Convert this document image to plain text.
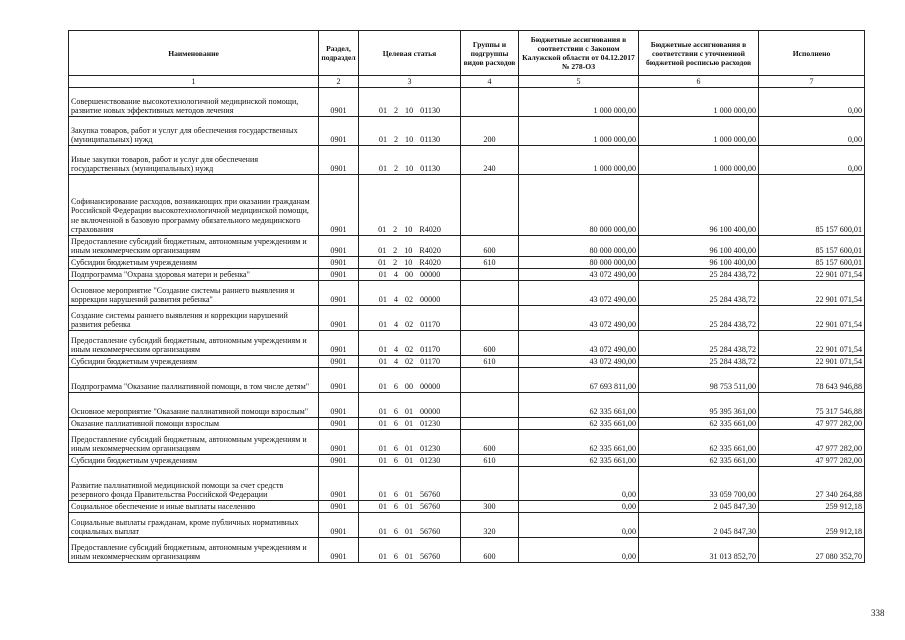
Наименование	Раздел, подраздел	Целевая статья	Группы и подгруппы видов расходов	Бюджетные ассигнования в соответствии с Законом Калужской области от 04.12.2017 № 278-ОЗ	Бюджетные ассигнования в соответствии с уточненной бюджетной росписью расходов	Исполнено
1	2	3	4	5	6	7
Совершенствование высокотехнологичной медицинской помощи, развитие новых эффективных методов лечения	0901	01 2 10 01130		1 000 000,00	1 000 000,00	0,00
Закупка товаров, работ и услуг для обеспечения государственных (муниципальных) нужд	0901	01 2 10 01130	200	1 000 000,00	1 000 000,00	0,00
Иные закупки товаров, работ и услуг для обеспечения государственных (муниципальных) нужд	0901	01 2 10 01130	240	1 000 000,00	1 000 000,00	0,00
Софинансирование расходов, возникающих при оказании гражданам Российской Федерации высокотехнологичной медицинской помощи, не включенной в базовую программу обязательного медицинского страхования	0901	01 2 10 R4020		80 000 000,00	96 100 400,00	85 157 600,01
Предоставление субсидий бюджетным, автономным учреждениям и иным некоммерческим организациям	0901	01 2 10 R4020	600	80 000 000,00	96 100 400,00	85 157 600,01
Субсидии бюджетным учреждениям	0901	01 2 10 R4020	610	80 000 000,00	96 100 400,00	85 157 600,01
Подпрограмма "Охрана здоровья матери и ребенка"	0901	01 4 00 00000		43 072 490,00	25 284 438,72	22 901 071,54
Основное мероприятие "Создание системы раннего выявления и коррекции нарушений развития ребенка"	0901	01 4 02 00000		43 072 490,00	25 284 438,72	22 901 071,54
Создание системы раннего выявления и коррекции нарушений развития ребенка	0901	01 4 02 01170		43 072 490,00	25 284 438,72	22 901 071,54
Предоставление субсидий бюджетным, автономным учреждениям и иным некоммерческим организациям	0901	01 4 02 01170	600	43 072 490,00	25 284 438,72	22 901 071,54
Субсидии бюджетным учреждениям	0901	01 4 02 01170	610	43 072 490,00	25 284 438,72	22 901 071,54
Подпрограмма "Оказание паллиативной помощи, в том числе детям"	0901	01 6 00 00000		67 693 811,00	98 753 511,00	78 643 946,88
Основное мероприятие "Оказание паллиативной помощи взрослым"	0901	01 6 01 00000		62 335 661,00	95 395 361,00	75 317 546,88
Оказание паллиативной помощи взрослым	0901	01 6 01 01230		62 335 661,00	62 335 661,00	47 977 282,00
Предоставление субсидий бюджетным, автономным учреждениям и иным некоммерческим организациям	0901	01 6 01 01230	600	62 335 661,00	62 335 661,00	47 977 282,00
Субсидии бюджетным учреждениям	0901	01 6 01 01230	610	62 335 661,00	62 335 661,00	47 977 282,00
Развитие паллиативной медицинской помощи за счет средств резервного фонда Правительства Российской Федерации	0901	01 6 01 56760		0,00	33 059 700,00	27 340 264,88
Социальное обеспечение и иные выплаты населению	0901	01 6 01 56760	300	0,00	2 045 847,30	259 912,18
Социальные выплаты гражданам, кроме публичных нормативных социальных выплат	0901	01 6 01 56760	320	0,00	2 045 847,30	259 912,18
Предоставление субсидий бюджетным, автономным учреждениям и иным некоммерческим организациям	0901	01 6 01 56760	600	0,00	31 013 852,70	27 080 352,70
338
